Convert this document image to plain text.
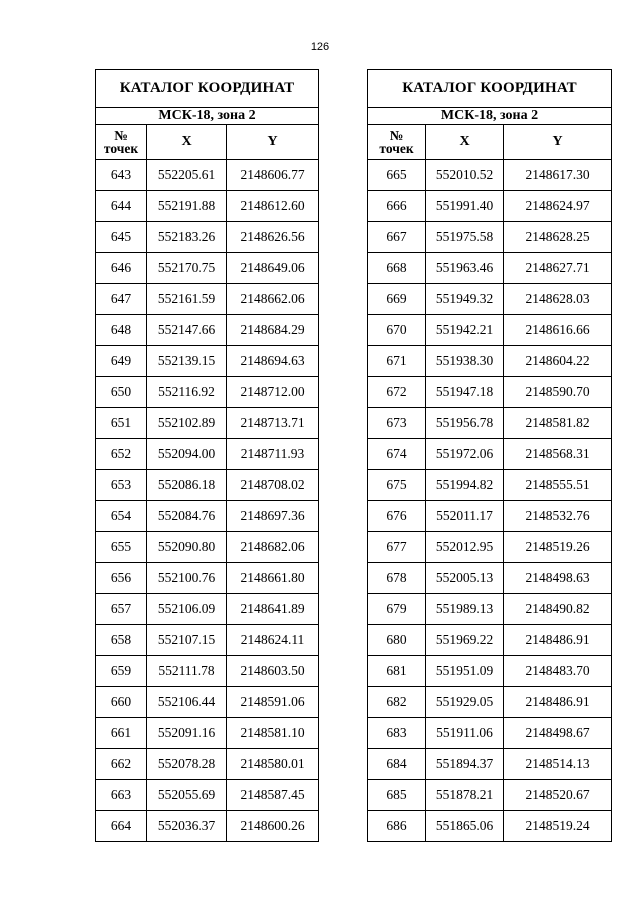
126
КАТАЛОГ КООРДИНАТ		
МСК-18, зона 2		
№
точек	X	Y
643	552205.61	2148606.77
644	552191.88	2148612.60
645	552183.26	2148626.56
646	552170.75	2148649.06
647	552161.59	2148662.06
648	552147.66	2148684.29
649	552139.15	2148694.63
650	552116.92	2148712.00
651	552102.89	2148713.71
652	552094.00	2148711.93
653	552086.18	2148708.02
654	552084.76	2148697.36
655	552090.80	2148682.06
656	552100.76	2148661.80
657	552106.09	2148641.89
658	552107.15	2148624.11
659	552111.78	2148603.50
660	552106.44	2148591.06
661	552091.16	2148581.10
662	552078.28	2148580.01
663	552055.69	2148587.45
664	552036.37	2148600.26
КАТАЛОГ КООРДИНАТ		
МСК-18, зона 2		
№
точек	X	Y
665	552010.52	2148617.30
666	551991.40	2148624.97
667	551975.58	2148628.25
668	551963.46	2148627.71
669	551949.32	2148628.03
670	551942.21	2148616.66
671	551938.30	2148604.22
672	551947.18	2148590.70
673	551956.78	2148581.82
674	551972.06	2148568.31
675	551994.82	2148555.51
676	552011.17	2148532.76
677	552012.95	2148519.26
678	552005.13	2148498.63
679	551989.13	2148490.82
680	551969.22	2148486.91
681	551951.09	2148483.70
682	551929.05	2148486.91
683	551911.06	2148498.67
684	551894.37	2148514.13
685	551878.21	2148520.67
686	551865.06	2148519.24
